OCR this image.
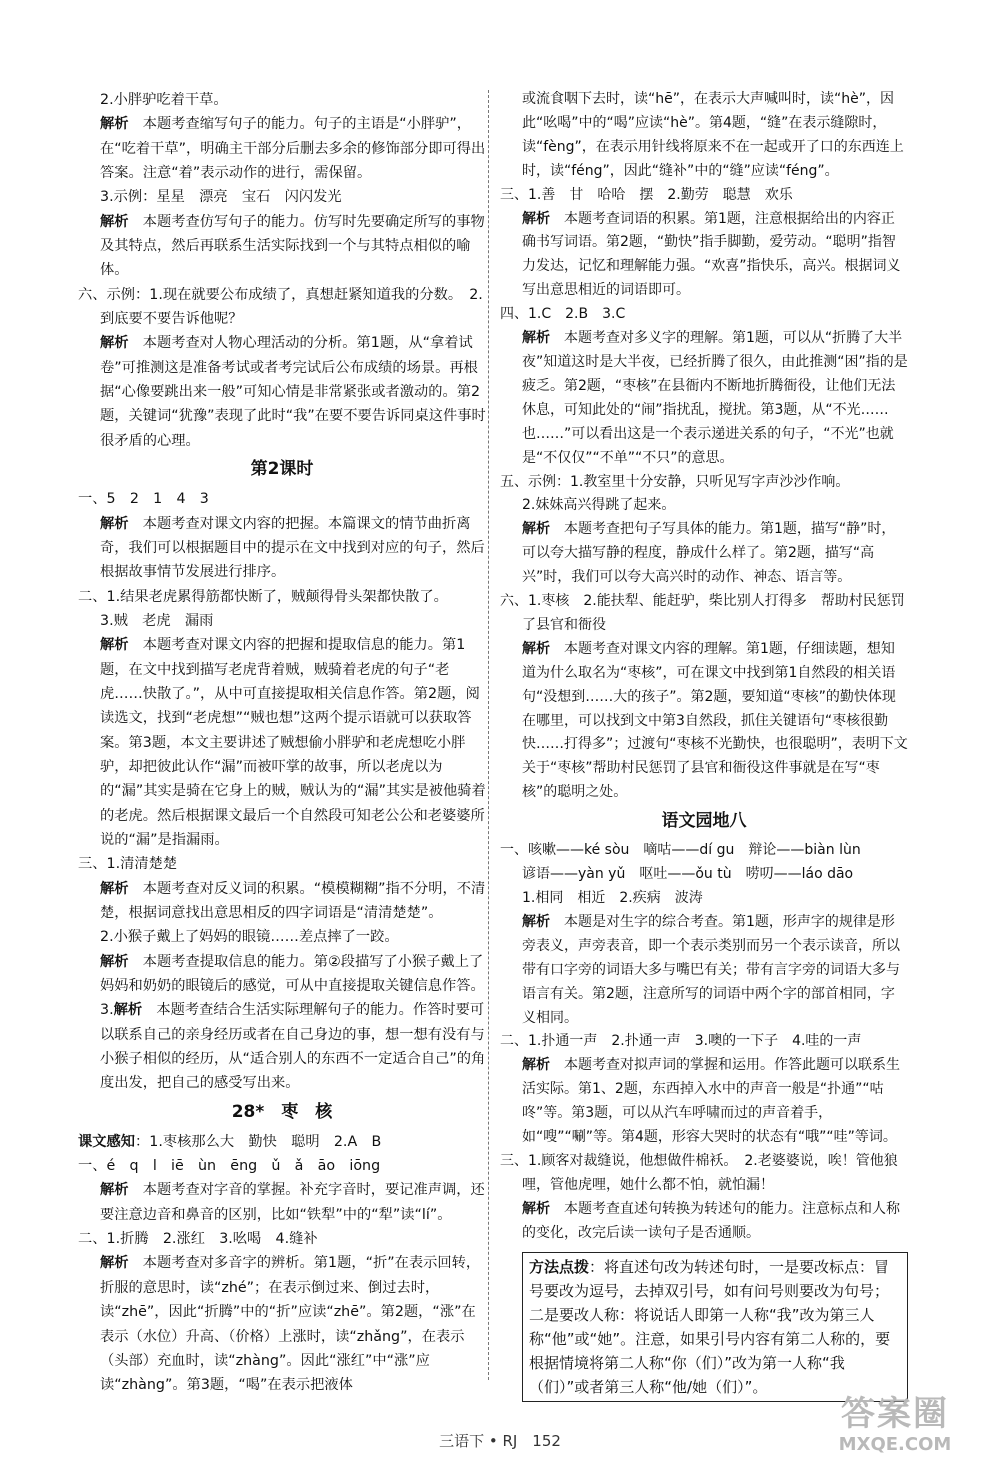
2.小胖驴吃着干草。

解析　 本题考查缩写句子的能力。句子的主语是“小胖驴”，在“吃着干草”，明确主干部分后删去多余的修饰部分即可得出答案。注意“着”表示动作的进行，需保留。

3.示例：星星　漂亮　宝石　闪闪发光

解析　 本题考查仿写句子的能力。仿写时先要确定所写的事物及其特点，然后再联系生活实际找到一个与其特点相似的喻体。

六、示例：1.现在就要公布成绩了，真想赶紧知道我的分数。　2.到底要不要告诉他呢？

解析　 本题考查对人物心理活动的分析。第1题，从“拿着试卷”可推测这是准备考试或者考完试后公布成绩的场景。再根据“心像要跳出来一般”可知心情是非常紧张或者激动的。第2题，关键词“犹豫”表现了此时“我”在要不要告诉同桌这件事时很矛盾的心理。

第2课时

一、5　2　1　4　3

解析　 本题考查对课文内容的把握。本篇课文的情节曲折离奇，我们可以根据题目中的提示在文中找到对应的句子，然后根据故事情节发展进行排序。

二、1.结果老虎累得筋都快断了，贼颠得骨头架都快散了。

3.贼　老虎　漏雨

解析　 本题考查对课文内容的把握和提取信息的能力。第1题，在文中找到描写老虎背着贼，贼骑着老虎的句子“老虎……快散了。”，从中可直接提取相关信息作答。第2题，阅读选文，找到“老虎想”“贼也想”这两个提示语就可以获取答案。第3题，本文主要讲述了贼想偷小胖驴和老虎想吃小胖驴，却把彼此认作“漏”而被吓掌的故事，所以老虎以为的“漏”其实是骑在它身上的贼，贼认为的“漏”其实是被他骑着的老虎。然后根据课文最后一个自然段可知老公公和老婆婆所说的“漏”是指漏雨。

三、1.清清楚楚

解析　 本题考查对反义词的积累。“模模糊糊”指不分明，不清楚，根据词意找出意思相反的四字词语是“清清楚楚”。

2.小猴子戴上了妈妈的眼镜……差点摔了一跤。

解析　 本题考查提取信息的能力。第②段描写了小猴子戴上了妈妈和奶奶的眼镜后的感觉，可从中直接提取关键信息作答。

3.解析　 本题考查结合生活实际理解句子的能力。作答时要可以联系自己的亲身经历或者在自己身边的事，想一想有没有与小猴子相似的经历，从“适合别人的东西不一定适合自己”的角度出发，把自己的感受写出来。

28*　枣　核

课文感知：1.枣核那么大　勤快　聪明　2.A　B

一、é　q　l　iē　ùn　ēng　ǔ　ǎ　āo　iōng

解析　 本题考查对字音的掌握。补充字音时，要记准声调，还要注意边音和鼻音的区别，比如“铁犁”中的“犁”读“lí”。

二、1.折腾　2.涨红　3.吆喝　4.缝补

解析　 本题考查对多音字的辨析。第1题，“折”在表示回转，折服的意思时，读“zhé”；在表示倒过来、倒过去时，读“zhē”，因此“折腾”中的“折”应读“zhē”。第2题，“涨”在表示（水位）升高、（价格）上涨时，读“zhǎng”，在表示（头部）充血时，读“zhàng”。因此“涨红”中“涨”应读“zhàng”。第3题，“喝”在表示把液体

或流食咽下去时，读“hē”，在表示大声喊叫时，读“hè”，因此“吆喝”中的“喝”应读“hè”。第4题，“缝”在表示缝隙时，读“fèng”，在表示用针线将原来不在一起或开了口的东西连上时，读“féng”，因此“缝补”中的“缝”应读“féng”。

三、1.善　甘　哈哈　摆　2.勤劳　聪慧　欢乐

解析　 本题考查词语的积累。第1题，注意根据给出的内容正确书写词语。第2题，“勤快”指手脚勤，爱劳动。“聪明”指智力发达，记忆和理解能力强。“欢喜”指快乐，高兴。根据词义写出意思相近的词语即可。

四、1.C　2.B　3.C

解析　 本题考查对多义字的理解。第1题，可以从“折腾了大半夜”知道这时是大半夜，已经折腾了很久，由此推测“困”指的是疲乏。第2题，“枣核”在县衙内不断地折腾衙役，让他们无法休息，可知此处的“闹”指扰乱，搅扰。第3题，从“不光……也……”可以看出这是一个表示递进关系的句子，“不光”也就是“不仅仅”“不单”“不只”的意思。

五、示例：1.教室里十分安静，只听见写字声沙沙作响。

2.妹妹高兴得跳了起来。

解析　 本题考查把句子写具体的能力。第1题，描写“静”时，可以夸大描写静的程度，静成什么样了。第2题，描写“高兴”时，我们可以夸大高兴时的动作、神态、语言等。

六、1.枣核　2.能扶犁、能赶驴，柴比别人打得多　帮助村民惩罚了县官和衙役

解析　 本题考查对课文内容的理解。第1题，仔细读题，想知道为什么取名为“枣核”，可在课文中找到第1自然段的相关语句“没想到……大的孩子”。第2题，要知道“枣核”的勤快体现在哪里，可以找到文中第3自然段，抓住关键语句“枣核很勤快……打得多”；过渡句“枣核不光勤快，也很聪明”，表明下文关于“枣核”帮助村民惩罚了县官和衙役这件事就是在写“枣核”的聪明之处。

语文园地八

一、咳嗽——ké sòu　嘀咕——dí gu　辩论——biàn lùn

谚语——yàn yǔ　呕吐——ǒu tù　唠叨——láo dāo

1.相同　相近　2.疾病　波涛

解析　 本题是对生字的综合考查。第1题，形声字的规律是形旁表义，声旁表音，即一个表示类别而另一个表示读音，所以带有口字旁的词语大多与嘴巴有关；带有言字旁的词语大多与语言有关。第2题，注意所写的词语中两个字的部首相同，字义相同。

二、1.扑通一声　2.扑通一声　3.噢的一下子　4.哇的一声

解析　 本题考查对拟声词的掌握和运用。作答此题可以联系生活实际。第1、2题，东西掉入水中的声音一般是“扑通”“咕咚”等。第3题，可以从汽车呼啸而过的声音着手，如“嗖”“唰”等。第4题，形容大哭时的状态有“哦”“哇”等词。

三、1.顾客对裁缝说，他想做件棉袄。　2.老婆婆说，唉！管他狼哩，管他虎哩，她什么都不怕，就怕漏！

解析　 本题考查直述句转换为转述句的能力。注意标点和人称的变化，改完后读一读句子是否通顺。

方法点拨：将直述句改为转述句时，一是要改标点：冒号要改为逗号，去掉双引号，如有问号则要改为句号；二是要改人称：将说话人即第一人称“我”改为第三人称“他”或“她”。注意，如果引号内容有第二人称的，要根据情境将第二人称“你（们）”改为第一人称“我（们）”或者第三人称“他/她（们）”。
三语下 • RJ　152
答案圈
MXQE.COM
